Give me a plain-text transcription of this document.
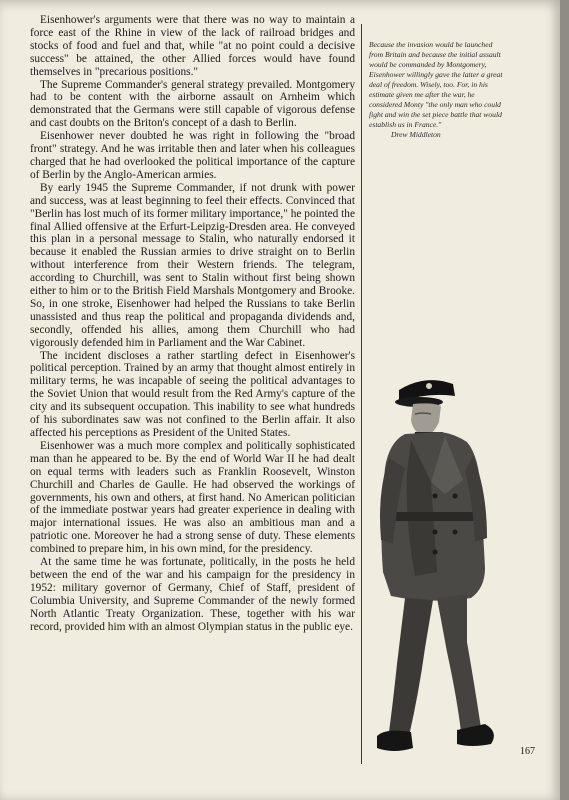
Eisenhower's arguments were that there was no way to maintain a force east of the Rhine in view of the lack of railroad bridges and stocks of food and fuel and that, while "at no point could a decisive success" be attained, the other Allied forces would have found themselves in "precarious positions."

The Supreme Commander's general strategy prevailed. Montgomery had to be content with the airborne assault on Arnheim which demonstrated that the Germans were still capable of vigorous defense and cast doubts on the Briton's concept of a dash to Berlin.

Eisenhower never doubted he was right in following the "broad front" strategy. And he was irritable then and later when his colleagues charged that he had overlooked the political importance of the capture of Berlin by the Anglo-American armies.

By early 1945 the Supreme Commander, if not drunk with power and success, was at least beginning to feel their effects. Convinced that "Berlin has lost much of its former military importance," he pointed the final Allied offensive at the Erfurt-Leipzig-Dresden area. He conveyed this plan in a personal message to Stalin, who naturally endorsed it because it enabled the Russian armies to drive straight on to Berlin without interference from their Western friends. The telegram, according to Churchill, was sent to Stalin without first being shown either to him or to the British Field Marshals Montgomery and Brooke. So, in one stroke, Eisenhower had helped the Russians to take Berlin unassisted and thus reap the political and propaganda dividends and, secondly, offended his allies, among them Churchill who had vigorously defended him in Parliament and the War Cabinet.

The incident discloses a rather startling defect in Eisenhower's political perception. Trained by an army that thought almost entirely in military terms, he was incapable of seeing the political advantages to the Soviet Union that would result from the Red Army's capture of the city and its subsequent occupation. This inability to see what hundreds of his subordinates saw was not confined to the Berlin affair. It also affected his perceptions as President of the United States.

Eisenhower was a much more complex and politically sophisticated man than he appeared to be. By the end of World War II he had dealt on equal terms with leaders such as Franklin Roosevelt, Winston Churchill and Charles de Gaulle. He had observed the workings of governments, his own and others, at first hand. No American politician of the immediate postwar years had greater experience in dealing with major international issues. He was also an ambitious man and a patriotic one. Moreover he had a strong sense of duty. These elements combined to prepare him, in his own mind, for the presidency.

At the same time he was fortunate, politically, in the posts he held between the end of the war and his campaign for the presidency in 1952: military governor of Germany, Chief of Staff, president of Columbia University, and Supreme Commander of the newly formed North Atlantic Treaty Organization. These, together with his war record, provided him with an almost Olympian status in the public eye.

Because the invasion would be launched from Britain and because the initial assault would be commanded by Montgomery, Eisenhower willingly gave the latter a great deal of freedom. Wisely, too. For, in his estimate given me after the war, he considered Monty "the only man who could fight and win the set piece battle that would establish us in France."
Drew Middleton
167
